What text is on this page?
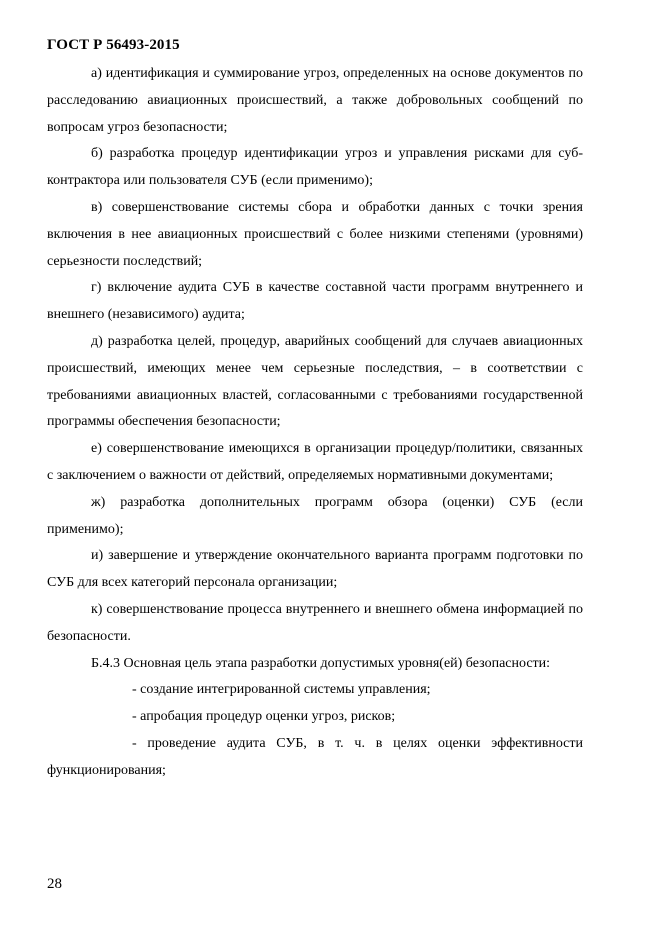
ГОСТ Р 56493-2015

а) идентификация и суммирование угроз, определенных на основе документов по расследованию авиационных происшествий, а также добровольных сообщений по вопросам угроз безопасности;

б) разработка процедур идентификации угроз и управления рисками для суб-контрактора или пользователя СУБ (если применимо);

в) совершенствование системы сбора и обработки данных с точки зрения включения в нее авиационных происшествий с более низкими степенями (уровнями) серьезности последствий;

г) включение аудита СУБ в качестве составной части программ внутреннего и внешнего (независимого) аудита;

д) разработка целей, процедур, аварийных сообщений для случаев авиационных происшествий, имеющих менее чем серьезные последствия, – в соответствии с требованиями авиационных властей, согласованными с требованиями государственной программы обеспечения безопасности;

е) совершенствование имеющихся в организации процедур/политики, связанных с заключением о важности от действий, определяемых нормативными документами;

ж) разработка дополнительных программ обзора (оценки) СУБ (если применимо);

и) завершение и утверждение окончательного варианта программ подготовки по СУБ для всех категорий персонала организации;

к) совершенствование процесса внутреннего и внешнего обмена информацией по безопасности.

Б.4.3 Основная цель этапа разработки допустимых уровня(ей) безопасности:

- создание интегрированной системы управления;

- апробация процедур оценки угроз, рисков;

- проведение аудита СУБ, в т. ч. в целях оценки эффективности функционирования;

28
